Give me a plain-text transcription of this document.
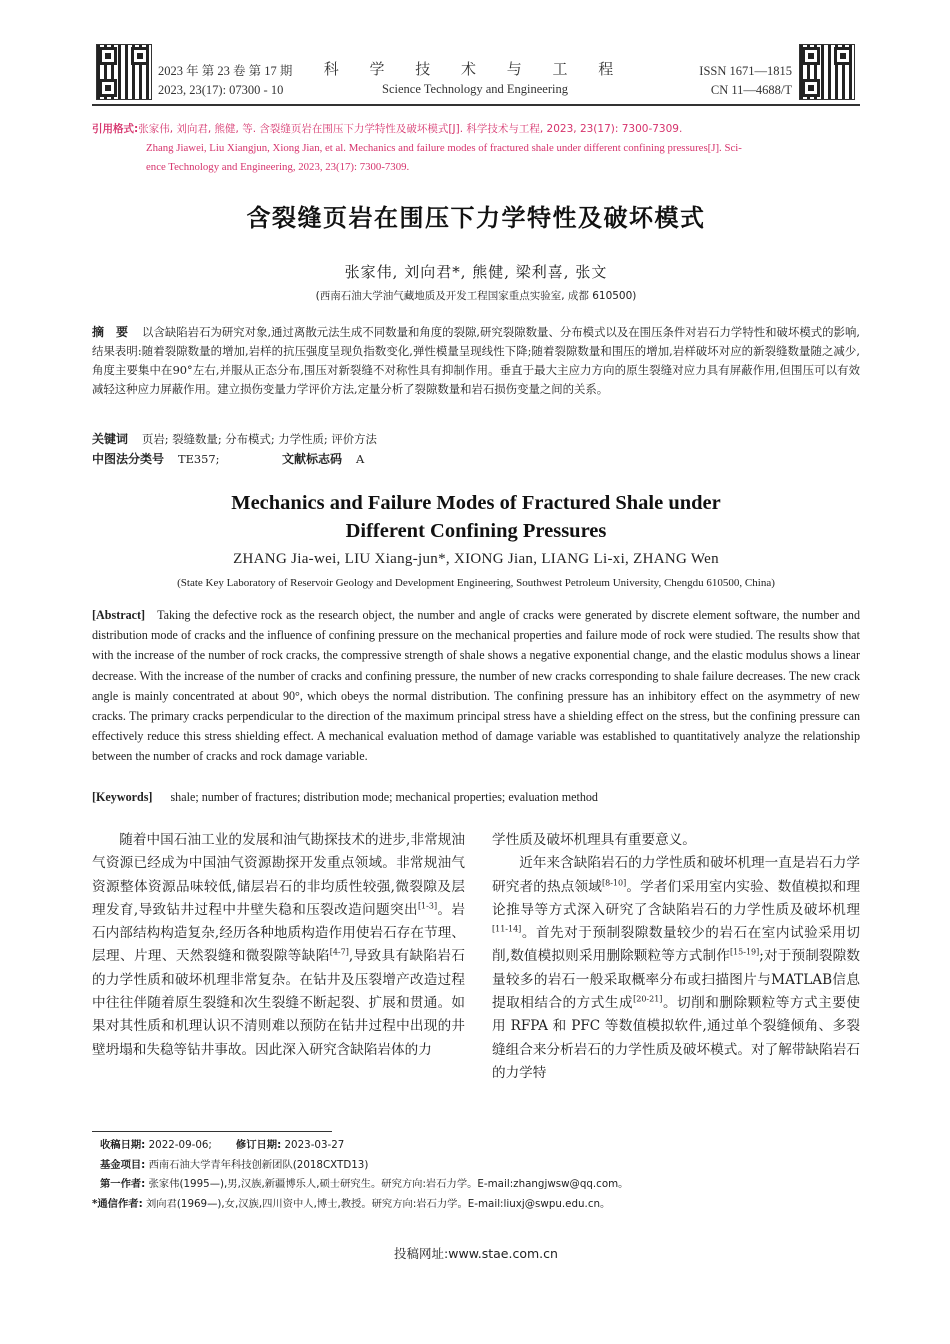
2023 年 第 23 卷 第 17 期
2023, 23(17): 07300 - 10
科 学 技 术 与 工 程
Science Technology and Engineering
ISSN 1671—1815
CN 11—4688/T
引用格式:张家伟, 刘向君, 熊健, 等. 含裂缝页岩在围压下力学特性及破坏模式[J]. 科学技术与工程, 2023, 23(17): 7300-7309.
Zhang Jiawei, Liu Xiangjun, Xiong Jian, et al. Mechanics and failure modes of fractured shale under different confining pressures[J]. Sci-
ence Technology and Engineering, 2023, 23(17): 7300-7309.
含裂缝页岩在围压下力学特性及破坏模式
张家伟, 刘向君*, 熊健, 梁利喜, 张文
(西南石油大学油气藏地质及开发工程国家重点实验室, 成都 610500)
摘　要 以含缺陷岩石为研究对象,通过离散元法生成不同数量和角度的裂隙,研究裂隙数量、分布模式以及在围压条件对岩石力学特性和破坏模式的影响,结果表明:随着裂隙数量的增加,岩样的抗压强度呈现负指数变化,弹性模量呈现线性下降;随着裂隙数量和围压的增加,岩样破坏对应的新裂缝数量随之减少,角度主要集中在90°左右,并服从正态分布,围压对新裂缝不对称性具有抑制作用。垂直于最大主应力方向的原生裂缝对应力具有屏蔽作用,但围压可以有效减轻这种应力屏蔽作用。建立损伤变量力学评价方法,定量分析了裂隙数量和岩石损伤变量之间的关系。
关键词 页岩; 裂缝数量; 分布模式; 力学性质; 评价方法
中图法分类号 TE357;	文献标志码 A
Mechanics and Failure Modes of Fractured Shale under
Different Confining Pressures
ZHANG Jia-wei, LIU Xiang-jun*, XIONG Jian, LIANG Li-xi, ZHANG Wen
(State Key Laboratory of Reservoir Geology and Development Engineering, Southwest Petroleum University, Chengdu 610500, China)
[Abstract] Taking the defective rock as the research object, the number and angle of cracks were generated by discrete element software, the number and distribution mode of cracks and the influence of confining pressure on the mechanical properties and failure mode of rock were studied. The results show that with the increase of the number of rock cracks, the compressive strength of shale shows a negative exponential change, and the elastic modulus shows a linear decrease. With the increase of the number of cracks and confining pressure, the number of new cracks corresponding to shale failure decreases. The new crack angle is mainly concentrated at about 90°, which obeys the normal distribution. The confining pressure has an inhibitory effect on the asymmetry of new cracks. The primary cracks perpendicular to the direction of the maximum principal stress have a shielding effect on the stress, but the confining pressure can effectively reduce this stress shielding effect. A mechanical evaluation method of damage variable was established to quantitatively analyze the relationship between the number of cracks and rock damage variable.
[Keywords] shale; number of fractures; distribution mode; mechanical properties; evaluation method

随着中国石油工业的发展和油气勘探技术的进步,非常规油气资源已经成为中国油气资源勘探开发重点领域。非常规油气资源整体资源品味较低,储层岩石的非均质性较强,微裂隙及层理发育,导致钻井过程中井壁失稳和压裂改造问题突出[1-3]。岩石内部结构构造复杂,经历各种地质构造作用使岩石存在节理、层理、片理、天然裂缝和微裂隙等缺陷[4-7],导致具有缺陷岩石的力学性质和破坏机理非常复杂。在钻井及压裂增产改造过程中往往伴随着原生裂缝和次生裂缝不断起裂、扩展和贯通。如果对其性质和机理认识不清则难以预防在钻井过程中出现的井壁坍塌和失稳等钻井事故。因此深入研究含缺陷岩体的力

学性质及破坏机理具有重要意义。

近年来含缺陷岩石的力学性质和破坏机理一直是岩石力学研究者的热点领域[8-10]。学者们采用室内实验、数值模拟和理论推导等方式深入研究了含缺陷岩石的力学性质及破坏机理[11-14]。首先对于预制裂隙数量较少的岩石在室内试验采用切削,数值模拟则采用删除颗粒等方式制作[15-19];对于预制裂隙数量较多的岩石一般采取概率分布或扫描图片与MATLAB信息提取相结合的方式生成[20-21]。切削和删除颗粒等方式主要使用 RFPA 和 PFC 等数值模拟软件,通过单个裂缝倾角、多裂缝组合来分析岩石的力学性质及破坏模式。对了解带缺陷岩石的力学特

收稿日期: 2022-09-06; 修订日期: 2023-03-27
基金项目: 西南石油大学青年科技创新团队(2018CXTD13)
第一作者: 张家伟(1995—),男,汉族,新疆博乐人,硕士研究生。研究方向:岩石力学。E-mail:zhangjwsw@qq.com。
*通信作者: 刘向君(1969—),女,汉族,四川资中人,博士,教授。研究方向:岩石力学。E-mail:liuxj@swpu.edu.cn。
投稿网址:www.stae.com.cn
